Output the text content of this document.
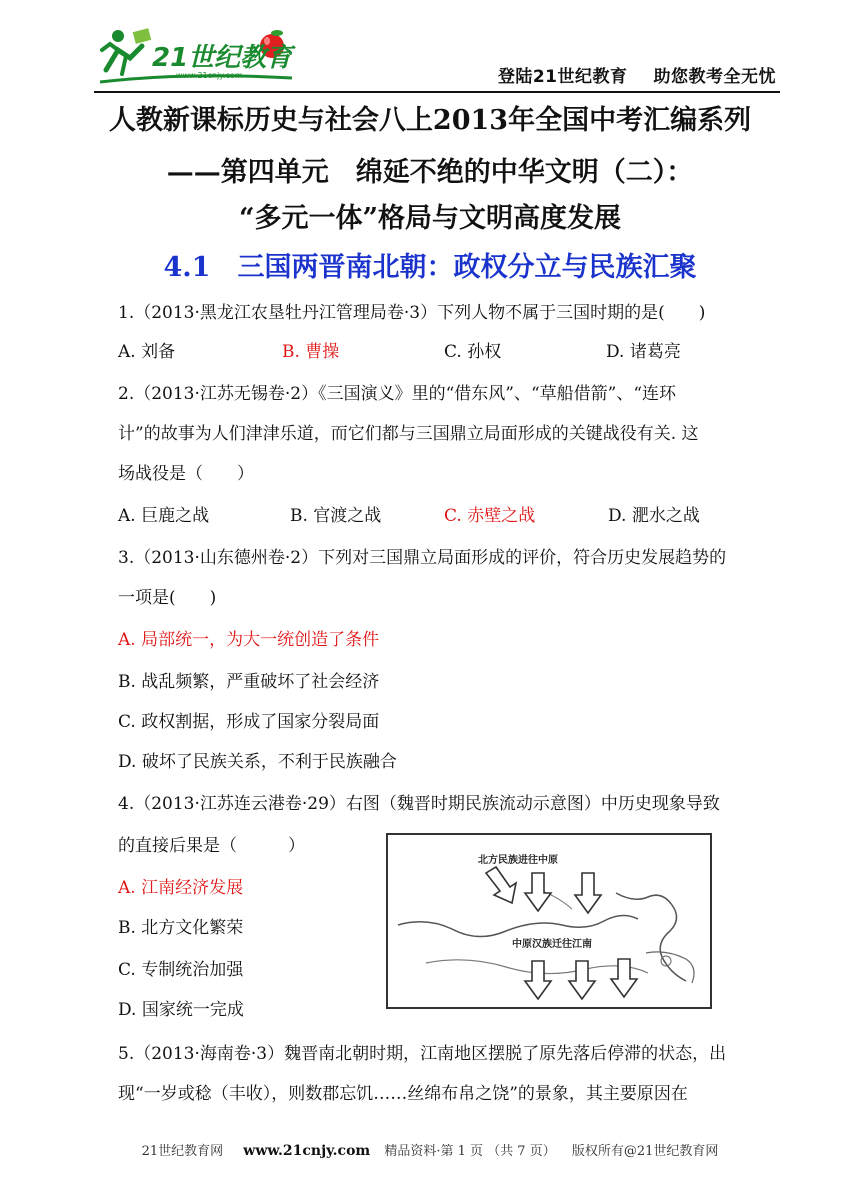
21世纪教育
www.21cnjy.com	登陆21世纪教育 助您教考全无忧
人教新课标历史与社会八上2013年全国中考汇编系列
——第四单元　绵延不绝的中华文明（二）：
“多元一体”格局与文明高度发展
4.1　三国两晋南北朝：政权分立与民族汇聚
1.（2013·黑龙江农垦牡丹江管理局卷·3）下列人物不属于三国时期的是(　　)
A. 刘备	B. 曹操	C. 孙权	D. 诸葛亮
2.（2013·江苏无锡卷·2）《三国演义》里的“借东风”、“草船借箭”、“连环
计”的故事为人们津津乐道，而它们都与三国鼎立局面形成的关键战役有关. 这
场战役是（　　）
A. 巨鹿之战	B. 官渡之战	C. 赤壁之战	D. 淝水之战
3.（2013·山东德州卷·2）下列对三国鼎立局面形成的评价，符合历史发展趋势的
一项是(　　)
A. 局部统一，为大一统创造了条件
B. 战乱频繁，严重破坏了社会经济
C. 政权割据，形成了国家分裂局面
D. 破坏了民族关系，不利于民族融合
4.（2013·江苏连云港卷·29）右图（魏晋时期民族流动示意图）中历史现象导致
的直接后果是（　　　）
A. 江南经济发展
B. 北方文化繁荣
C. 专制统治加强
D. 国家统一完成
北方民族进往中原
中原汉族迁往江南
5.（2013·海南卷·3）魏晋南北朝时期，江南地区摆脱了原先落后停滞的状态，出
现“一岁或稔（丰收），则数郡忘饥……丝绵布帛之饶”的景象，其主要原因在
21世纪教育网 www.21cnjy.com 精品资料·第 1 页 （共 7 页） 版权所有@21世纪教育网
